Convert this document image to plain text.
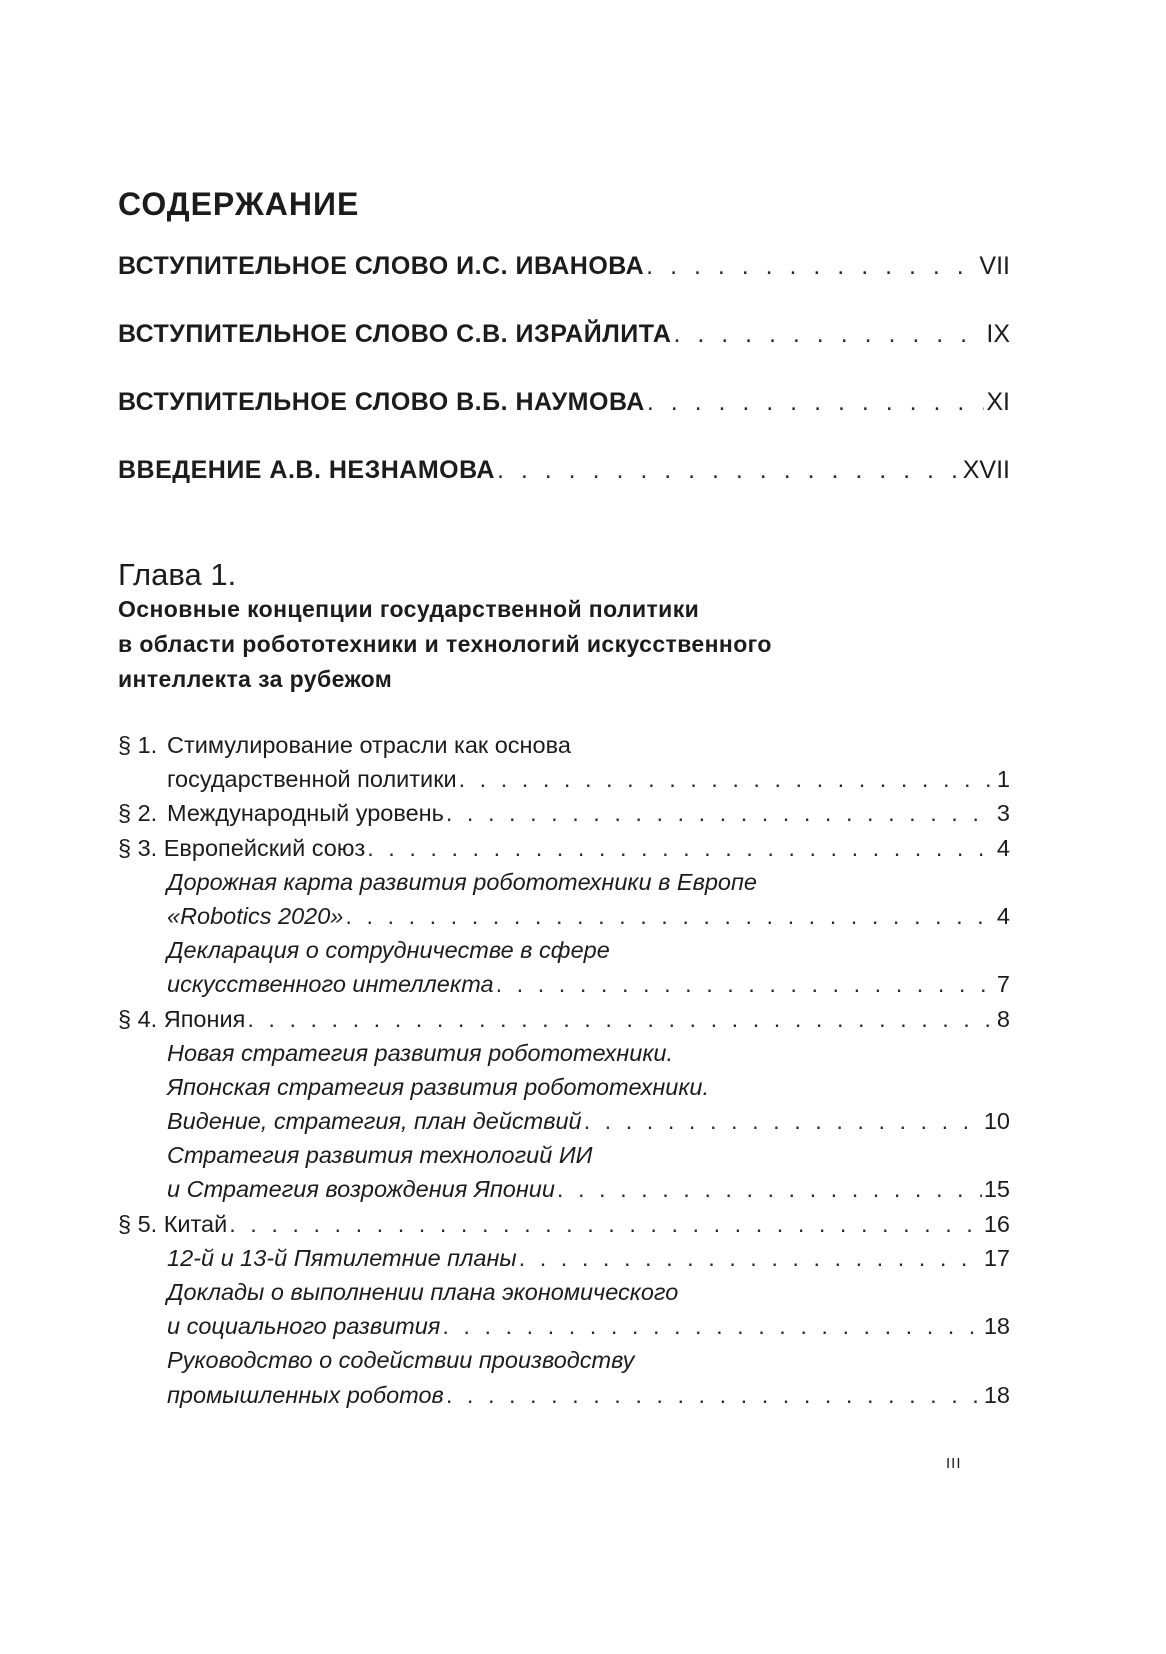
СОДЕРЖАНИЕ
ВСТУПИТЕЛЬНОЕ СЛОВО И.С. ИВАНОВА . . .	VII
ВСТУПИТЕЛЬНОЕ СЛОВО С.В. ИЗРАЙЛИТА . . .	IX
ВСТУПИТЕЛЬНОЕ СЛОВО В.Б. НАУМОВА . . .	XI
ВВЕДЕНИЕ А.В. НЕЗНАМОВА . . .	XVII
Глава 1.
Основные концепции государственной политики
в области робототехники и технологий искусственного
интеллекта за рубежом
§ 1. Стимулирование отрасли как основа
государственной политики . . .	1
§ 2. Международный уровень . . .	3
§ 3. Европейский союз . . .	4
Дорожная карта развития робототехники в Европе
«Robotics 2020» . . .	4
Декларация о сотрудничестве в сфере
искусственного интеллекта . . .	7
§ 4. Япония . . .	8
Новая стратегия развития робототехники.
Японская стратегия развития робототехники.
Видение, стратегия, план действий . . .	10
Стратегия развития технологий ИИ
и Стратегия возрождения Японии . . .	15
§ 5. Китай . . .	16
12-й и 13-й Пятилетние планы . . .	17
Доклады о выполнении плана экономического
и социального развития . . .	18
Руководство о содействии производству
промышленных роботов . . .	18
III
